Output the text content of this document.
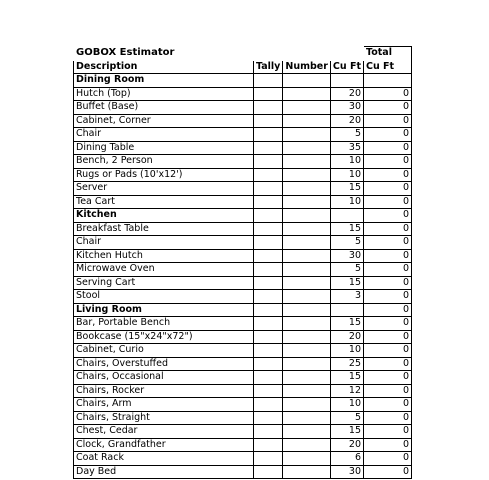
GOBOX Estimator				Total
Description	Tally	Number	Cu Ft	Cu Ft
Dining Room				
Hutch (Top)			20	0
Buffet (Base)			30	0
Cabinet, Corner			20	0
Chair			5	0
Dining Table			35	0
Bench, 2 Person			10	0
Rugs or Pads (10'x12')			10	0
Server			15	0
Tea Cart			10	0
Kitchen				0
Breakfast Table			15	0
Chair			5	0
Kitchen Hutch			30	0
Microwave Oven			5	0
Serving Cart			15	0
Stool			3	0
Living Room				0
Bar, Portable Bench			15	0
Bookcase (15"x24"x72")			20	0
Cabinet, Curio			10	0
Chairs, Overstuffed			25	0
Chairs, Occasional			15	0
Chairs, Rocker			12	0
Chairs, Arm			10	0
Chairs, Straight			5	0
Chest, Cedar			15	0
Clock, Grandfather			20	0
Coat Rack			6	0
Day Bed			30	0
